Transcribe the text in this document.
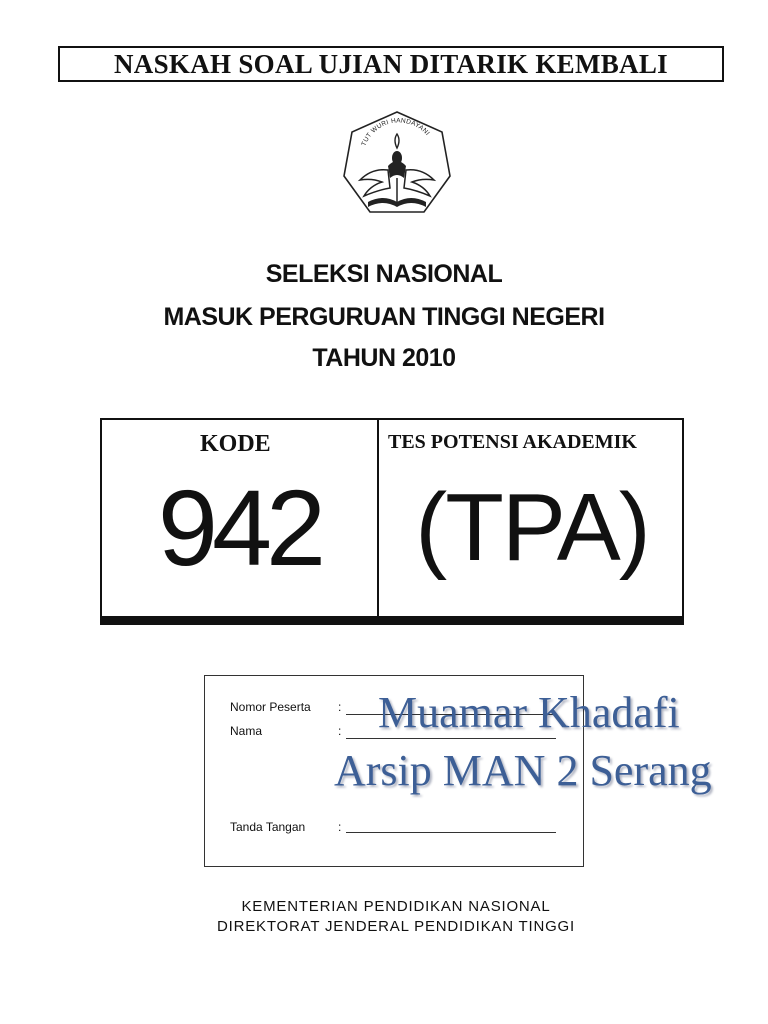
NASKAH SOAL UJIAN DITARIK KEMBALI
TUT WURI HANDAYANI
SELEKSI NASIONAL
MASUK PERGURUAN TINGGI NEGERI
TAHUN 2010
KODE
942
TES POTENSI AKADEMIK
(TPA)
Nomor Peserta :
Nama	:
Tanda Tangan	:
Muamar Khadafi
Arsip MAN 2 Serang
KEMENTERIAN PENDIDIKAN NASIONAL
DIREKTORAT JENDERAL PENDIDIKAN TINGGI
